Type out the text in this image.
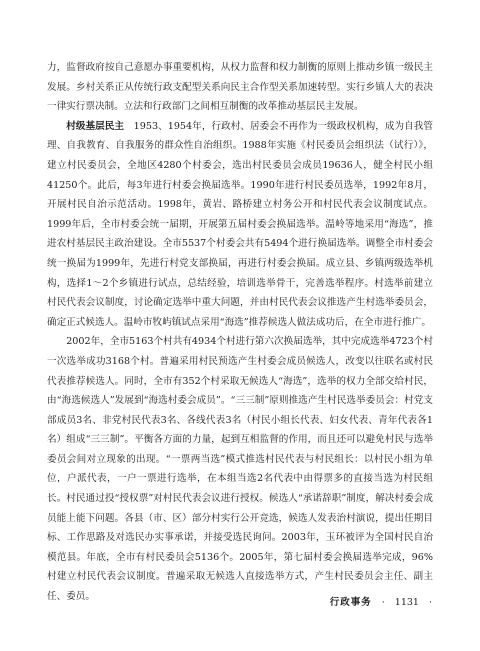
力，监督政府按自己意愿办事重要机构，从权力监督和权力制衡的原则上推动乡镇一级民主发展。乡村关系正从传统行政支配型关系向民主合作型关系加速转型。实行乡镇人大的表决一律实行票决制。立法和行政部门之间相互制衡的改革推动基层民主发展。

村级基层民主　1953、1954年，行政村、居委会不再作为一级政权机构，成为自我管理、自我教育、自我服务的群众性自治组织。1988年实施《村民委员会组织法（试行）》，建立村民委员会，全地区4280个村委会，选出村民委员会成员19636人，健全村民小组41250个。此后，每3年进行村委会换届选举。1990年进行村民委员选举，1992年8月，开展村民自治示范活动。1998年，黄岩、路桥建立村务公开和村民代表会议制度试点。1999年后，全市村委会统一届期，开展第五届村委会换届选举。温岭等地采用“海选”，推进农村基层民主政治建设。全市5537个村委会共有5494个进行换届选举。调整全市村委会统一换届为1999年，先进行村党支部换届，再进行村委会换届。成立县、乡镇两级选举机构，选择1～2个乡镇进行试点，总结经验，培训选举骨干，完善选举程序。村选举前建立村民代表会议制度，讨论确定选举中重大问题，并由村民代表会议推选产生村选举委员会，确定正式候选人。温岭市牧屿镇试点采用“海选”推荐候选人做法成功后，在全市进行推广。

2002年，全市5163个村共有4934个村进行第六次换届选举，其中完成选举4723个村一次选举成功3168个村。普遍采用村民预选产生村委会成员候选人，改变以往联名或村民代表推荐候选人。同时，全市有352个村采取无候选人“海选”，选举的权力全部交给村民，由“海选候选人”发展到“海选村委会成员”。“三三制”原则推选产生村民选举委员会：村党支部成员3名、非党村民代表3名、各线代表3名（村民小组长代表、妇女代表、青年代表各1名）组成“三三制”。平衡各方面的力量，起到互相监督的作用，而且还可以避免村民与选举委员会间对立现象的出现。“一票两当选”模式推选村民代表与村民组长：以村民小组为单位，户派代表，一户一票进行选举，在本组当选2名代表中由得票多的直接当选为村民组长。村民通过投“授权票”对村民代表会议进行授权。候选人“承诺辞职”制度，解决村委会成员能上能下问题。各县（市、区）部分村实行公开竞选，候选人发表治村演说，提出任期目标、工作思路及对选民办实事承诺，并接受选民询问。2003年，玉环被评为全国村民自治模范县。年底，全市有村民委员会5136个。2005年，第七届村委会换届选举完成，96%村建立村民代表会议制度。普遍采取无候选人直接选举方式，产生村民委员会主任、副主任、委员。

行政事务 · 1131 ·
